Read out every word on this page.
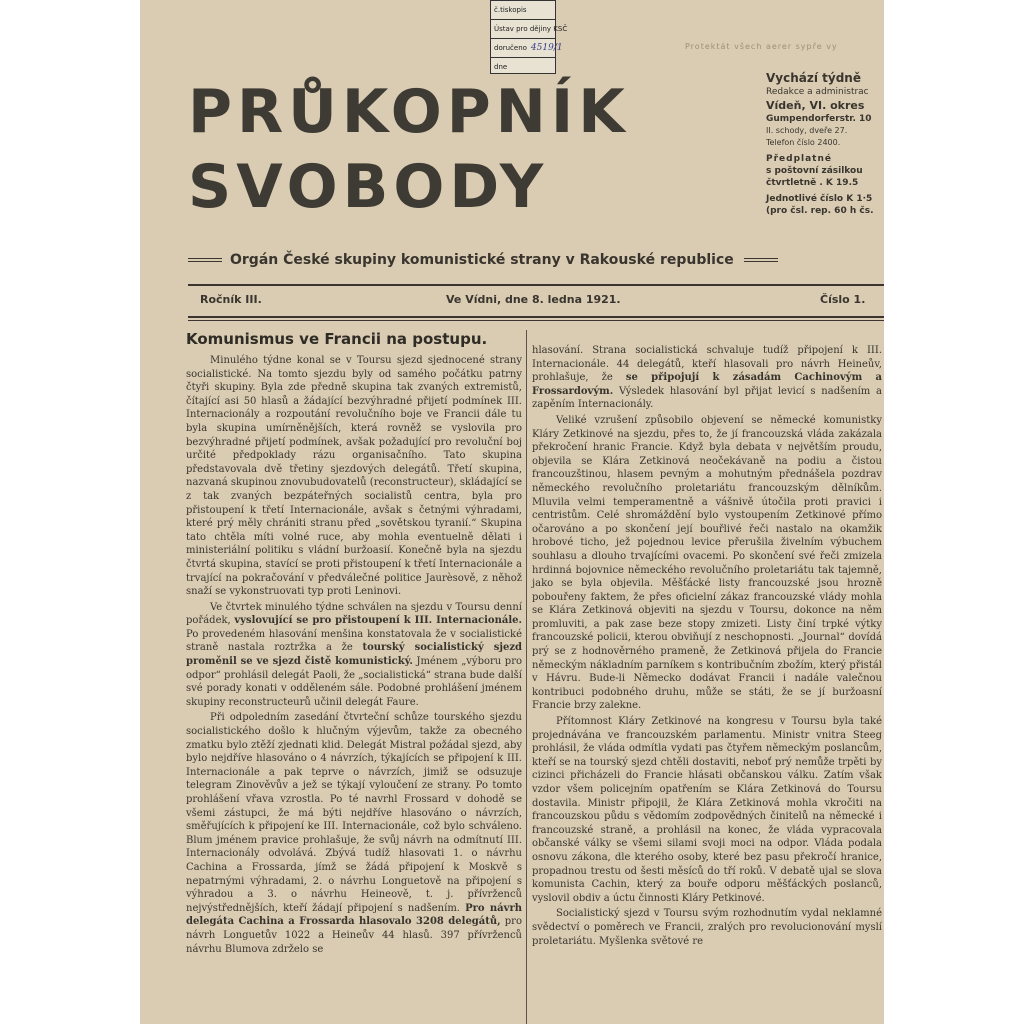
č.tiskopis
Ústav pro dějiny KSČ
doručeno 4519/1
dne
Protektát všech aerer sypře vy
PRŮKOPNÍK
SVOBODY
Vychází týdně
Redakce a administrac
Vídeň, VI. okres
Gumpendorferstr. 10
II. schody, dveře 27.
Telefon číslo 2400.
Předplatné
s poštovní zásilkou
čtvrtletně . K 19.5
Jednotlivé číslo K 1·5
(pro čsl. rep. 60 h čs.
Orgán České skupiny komunistické strany v Rakouské republice
Ročník III.	Ve Vídni, dne 8. ledna 1921.	Číslo 1.
Komunismus ve Francii na postupu.

Minulého týdne konal se v Toursu sjezd sjednocené strany socialistické. Na tomto sjezdu byly od samého počátku patrny čtyři skupiny. Byla zde předně skupina tak zvaných extremistů, čítající asi 50 hlasů a žádající bezvýhradné přijetí podmínek III. Internacionály a rozpoutání revolučního boje ve Francii dále tu byla skupina umírněnějších, která rovněž se vyslovila pro bezvýhradné přijetí podmínek, avšak požadující pro revoluční boj určité předpoklady rázu organisačního. Tato skupina představovala dvě třetiny sjezdových delegátů. Třetí skupina, nazvaná skupinou znovubudovatelů (reconstructeur), skládající se z tak zvaných bezpáteřných socialistů centra, byla pro přistoupení k třetí Internacionále, avšak s četnými výhradami, které prý měly chrániti stranu před „sovětskou tyranií.“ Skupina tato chtěla míti volné ruce, aby mohla eventuelně dělati i ministeriální politiku s vládní buržoasií. Konečně byla na sjezdu čtvrtá skupina, stavící se proti přistoupení k třetí Internacionále a trvající na pokračování v předválečné politice Jaurèsově, z něhož snaží se vykonstruovati typ proti Leninovi.

Ve čtvrtek minulého týdne schválen na sjezdu v Toursu denní pořádek, vyslovující se pro přistoupení k III. Internacionále. Po provedeném hlasování menšina konstatovala že v socialistické straně nastala roztržka a že tourský socialistický sjezd proměnil se ve sjezd čistě komunistický. Jménem „výboru pro odpor“ prohlásil delegát Paoli, že „socialistická“ strana bude další své porady konati v odděleném sále. Podobné prohlášení jménem skupiny reconstructeurů učinil delegát Faure.

Při odpoledním zasedání čtvrteční schůze tourského sjezdu socialistického došlo k hlučným výjevům, takže za obecného zmatku bylo ztěží zjednati klid. Delegát Mistral požádal sjezd, aby bylo nejdříve hlasováno o 4 návrzích, týkajících se připojení k III. Internacionále a pak teprve o návrzích, jimiž se odsuzuje telegram Zinověvův a jež se týkají vyloučení ze strany. Po tomto prohlášení vřava vzrostla. Po té navrhl Frossard v dohodě se všemi zástupci, že má býti nejdříve hlasováno o návrzích, směřujících k připojení ke III. Internacionále, což bylo schváleno. Blum jménem pravice prohlašuje, že svůj návrh na odmítnutí III. Internacionály odvolává. Zbývá tudíž hlasovati 1. o návrhu Cachina a Frossarda, jímž se žádá připojení k Moskvě s nepatrnými výhradami, 2. o návrhu Longuetově na připojení s výhradou a 3. o návrhu Heineově, t. j. přívrženců nejvýstřednějších, kteří žádají připojení s nadšením. Pro návrh delegáta Cachina a Frossarda hlasovalo 3208 delegátů, pro návrh Longuetův 1022 a Heineův 44 hlasů. 397 přívrženců návrhu Blumova zdrželo se

hlasování. Strana socialistická schvaluje tudíž připojení k III. Internacionále. 44 delegátů, kteří hlasovali pro návrh Heineův, prohlašuje, že se připojují k zásadám Cachinovým a Frossardovým. Výsledek hlasování byl přijat levicí s nadšením a zapěním Internacionály.

Veliké vzrušení způsobilo objevení se německé komunistky Kláry Zetkinové na sjezdu, přes to, že jí francouzská vláda zakázala překročení hranic Francie. Když byla debata v největším proudu, objevila se Klára Zetkinová neočekávaně na podiu a čistou francouzštinou, hlasem pevným a mohutným přednášela pozdrav německého revolučního proletariátu francouzským dělníkům. Mluvila velmi temperamentně a vášnivě útočila proti pravici i centristům. Celé shromáždění bylo vystoupením Zetkinové přímo očarováno a po skončení její bouřlivé řeči nastalo na okamžik hrobové ticho, jež pojednou levice přerušila živelním výbuchem souhlasu a dlouho trvajícími ovacemi. Po skončení své řeči zmizela hrdinná bojovnice německého revolučního proletariátu tak tajemně, jako se byla objevila. Měšťácké listy francouzské jsou hrozně pobouřeny faktem, že přes oficielní zákaz francouzské vlády mohla se Klára Zetkinová objeviti na sjezdu v Toursu, dokonce na něm promluviti, a pak zase beze stopy zmizeti. Listy činí trpké výtky francouzské policii, kterou obviňují z neschopnosti. „Journal“ dovídá prý se z hodnověrného prameně, že Zetkinová přijela do Francie německým nákladním parníkem s kontribučním zbožím, který přistál v Hávru. Bude-li Německo dodávat Francii i nadále valečnou kontribuci podobného druhu, může se státi, že se jí buržoasní Francie brzy zalekne.

Přítomnost Kláry Zetkinové na kongresu v Toursu byla také projednávána ve francouzském parlamentu. Ministr vnitra Steeg prohlásil, že vláda odmítla vydati pas čtyřem německým poslancům, kteří se na tourský sjezd chtěli dostaviti, neboť prý nemůže trpěti by cizinci přicházeli do Francie hlásati občanskou válku. Zatím však vzdor všem policejním opatřením se Klára Zetkinová do Toursu dostavila. Ministr připojil, že Klára Zetkinová mohla vkročiti na francouzskou půdu s vědomím zodpovědných činitelů na německé i francouzské straně, a prohlásil na konec, že vláda vypracovala občanské války se všemi silami svoji moci na odpor. Vláda podala osnovu zákona, dle kterého osoby, které bez pasu překročí hranice, propadnou trestu od šesti měsíců do tří roků. V debatě ujal se slova komunista Cachin, který za bouře odporu měšťáckých poslanců, vyslovil obdiv a úctu činnosti Kláry Petkinové.

Socialistický sjezd v Toursu svým rozhodnutím vydal neklamné svědectví o poměrech ve Francii, zralých pro revolucionování myslí proletariátu. Myšlenka světové re
